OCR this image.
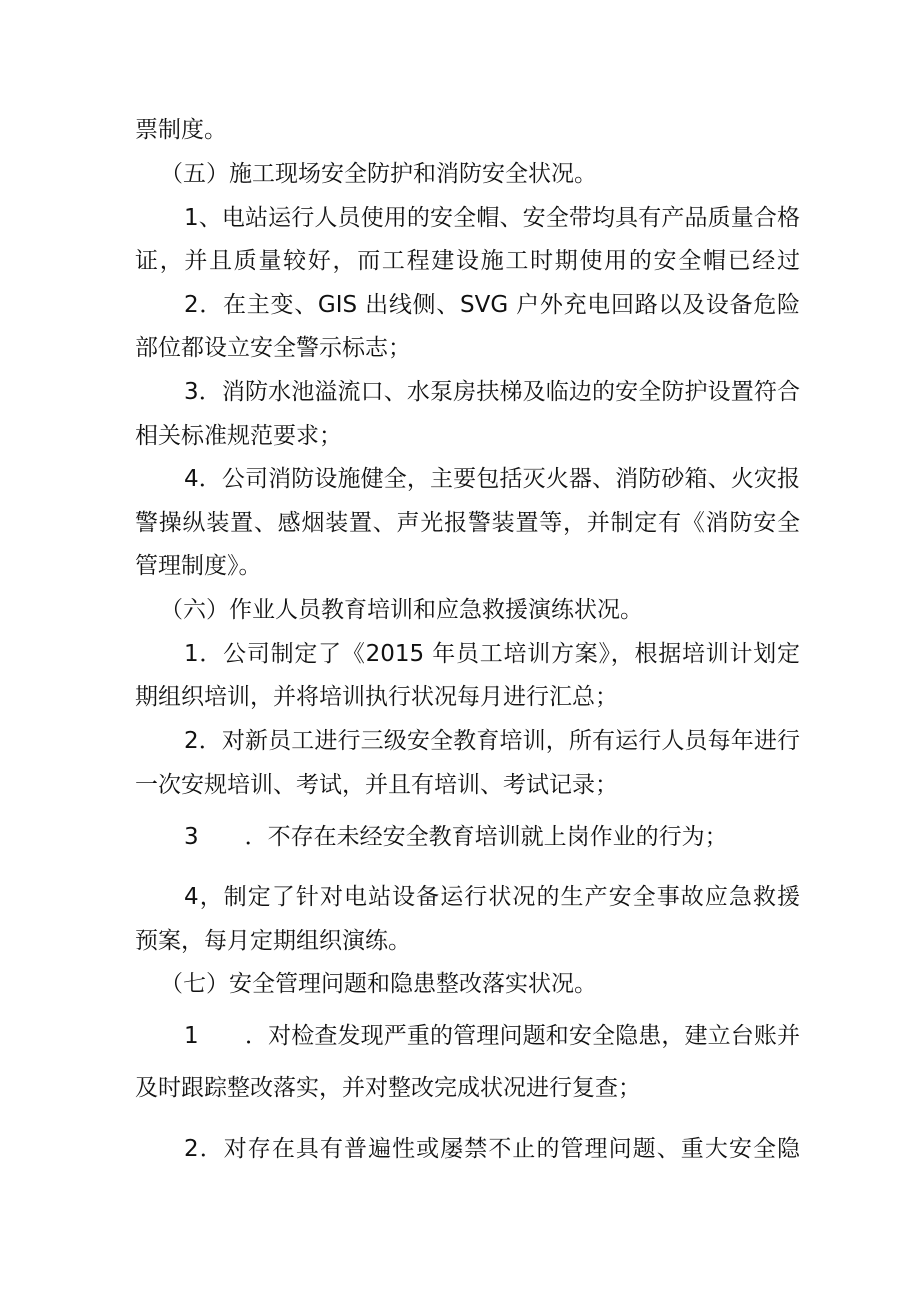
票制度。
（五）施工现场安全防护和消防安全状况。
1、电站运行人员使用的安全帽、安全带均具有产品质量合格
证，并且质量较好，而工程建设施工时期使用的安全帽已经过
2．在主变、GIS 出线侧、SVG 户外充电回路以及设备危险
部位都设立安全警示标志；
3．消防水池溢流口、水泵房扶梯及临边的安全防护设置符合
相关标准规范要求；
4．公司消防设施健全，主要包括灭火器、消防砂箱、火灾报
警操纵装置、感烟装置、声光报警装置等，并制定有《消防安全
管理制度》。
（六）作业人员教育培训和应急救援演练状况。
1．公司制定了《2015 年员工培训方案》，根据培训计划定
期组织培训，并将培训执行状况每月进行汇总；
2．对新员工进行三级安全教育培训，所有运行人员每年进行
一次安规培训、考试，并且有培训、考试记录；
3　　．不存在未经安全教育培训就上岗作业的行为；
4，制定了针对电站设备运行状况的生产安全事故应急救援
预案，每月定期组织演练。
（七）安全管理问题和隐患整改落实状况。
1　　．对检查发现严重的管理问题和安全隐患，建立台账并
及时跟踪整改落实，并对整改完成状况进行复查；
2．对存在具有普遍性或屡禁不止的管理问题、重大安全隐
